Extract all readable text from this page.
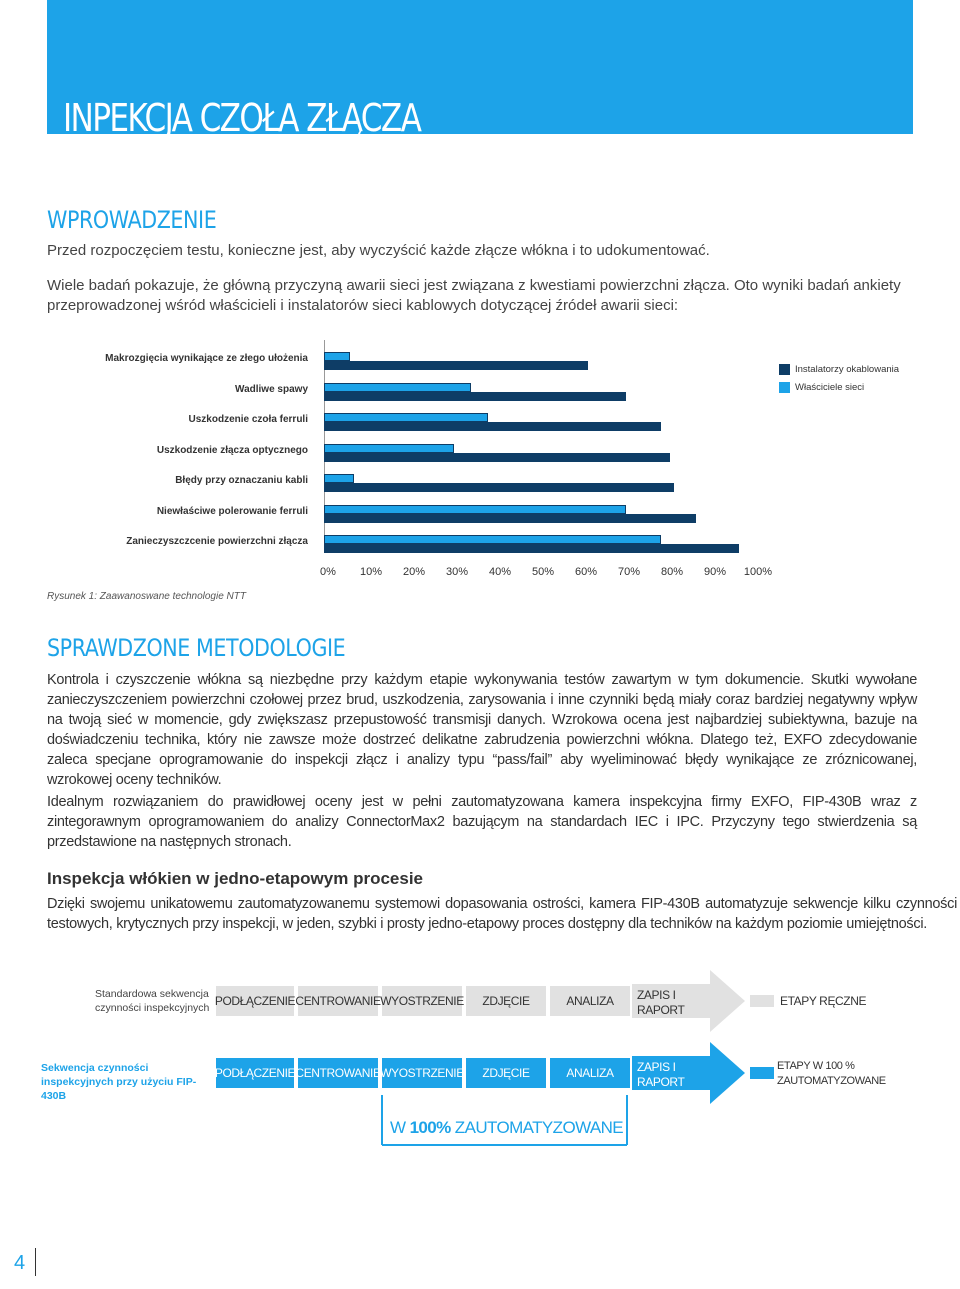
INPEKCJA CZOŁA ZŁĄCZA
WPROWADZENIE
Przed rozpoczęciem testu, konieczne jest, aby wyczyścić każde złącze włókna i to udokumentować.
Wiele badań pokazuje, że główną przyczyną awarii sieci jest związana z kwestiami powierzchni złącza. Oto wyniki badań ankiety przeprowadzonej wśród właścicieli i instalatorów sieci kablowych dotyczącej źródeł awarii sieci:
Makrozgięcia wynikające ze złego ułożenia
Wadliwe spawy
Uszkodzenie czoła ferruli
Uszkodzenie złącza optycznego
Błędy przy oznaczaniu kabli
Niewłaściwe polerowanie ferruli
Zanieczyszczcenie powierzchni złącza
0% 10% 20% 30% 40% 50% 60% 70% 80% 90% 100%
Instalatorzy okablowania
Właściciele sieci
Rysunek 1: Zaawanoswane technologie NTT
SPRAWDZONE METODOLOGIE
Kontrola i czyszczenie włókna są niezbędne przy każdym etapie wykonywania testów zawartym w tym dokumencie. Skutki wywołane zanieczyszczeniem powierzchni czołowej przez brud, uszkodzenia, zarysowania i inne czynniki będą miały coraz bardziej negatywny wpływ na twoją sieć w momencie, gdy zwiększasz przepustowość transmisji danych. Wzrokowa ocena jest najbardziej subiektywna, bazuje na doświadczeniu technika, który nie zawsze może dostrzeć delikatne zabrudzenia powierzchni włókna. Dlatego też, EXFO zdecydowanie zaleca specjane oprogramowanie do inspekcji złącz i analizy typu “pass/fail” aby wyeliminować błędy wynikające ze zróznicowanej, wzrokowej oceny techników.
Idealnym rozwiązaniem do prawidłowej oceny jest w pełni zautomatyzowana kamera inspekcyjna firmy EXFO, FIP-430B wraz z zintegorawnym oprogramowaniem do analizy ConnectorMax2 bazującym na standardach IEC i IPC. Przyczyny tego stwierdzenia są przedstawione na następnych stronach.
Inspekcja włókien w jedno-etapowym procesie
Dzięki swojemu unikatowemu zautomatyzowanemu systemowi dopasowania ostrości, kamera FIP-430B automatyzuje sekwencje kilku czynności testowych, krytycznych przy inspekcji, w jeden, szybki i prosty jedno-etapowy proces dostępny dla techników na każdym poziomie umiejętności.
Standardowa sekwencja czynności inspekcyjnych PODŁĄCZENIE CENTROWANIE WYOSTRZENIE	ZDJĘCIE	ANALIZA	ZAPIS I RAPORT
ETAPY RĘCZNE
Sekwencja czynności inspekcyjnych przy użyciu FIP-430B
PODŁĄCZENIE CENTROWANIE WYOSTRZENIE	ZDJĘCIE	ANALIZA	ZAPIS I RAPORT
ETAPY W 100 % ZAUTOMATYZOWANE
W 100% ZAUTOMATYZOWANE
4
